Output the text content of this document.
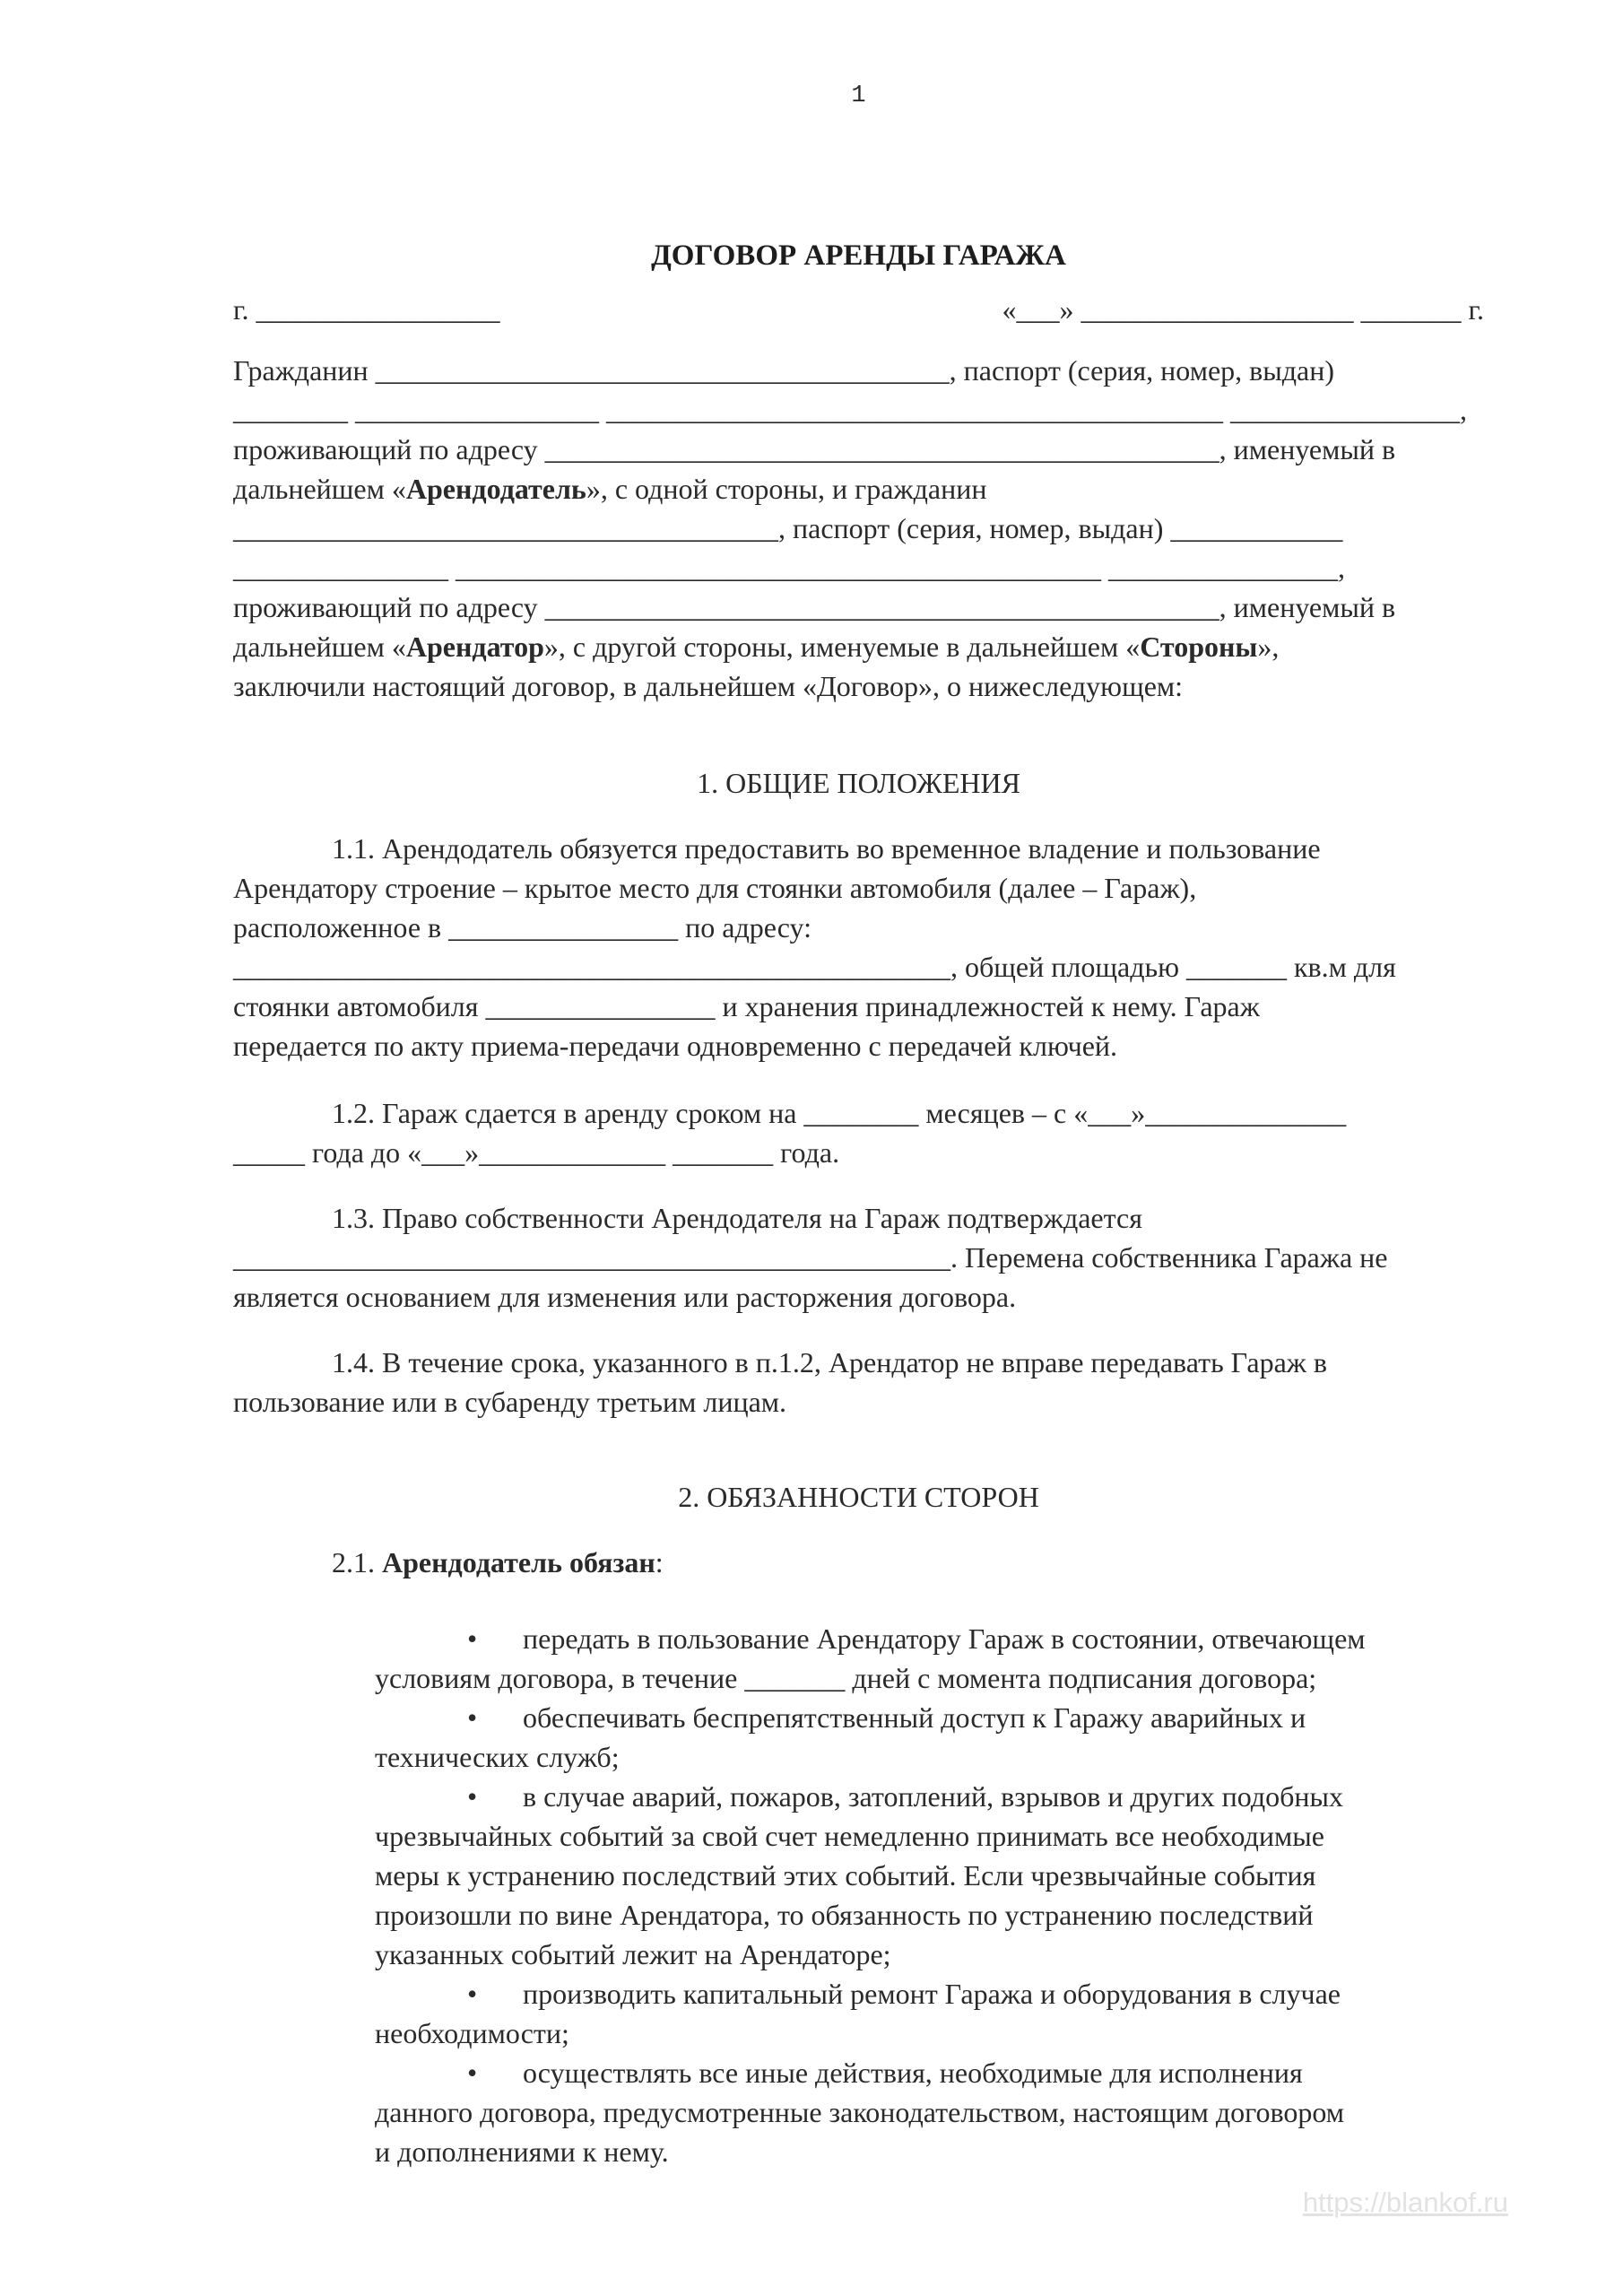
1
ДОГОВОР АРЕНДЫ ГАРАЖА
г. _________________	«___» ___________________ _______ г.
Гражданин ________________________________________, паспорт (серия, номер, выдан)
________ _________________ ___________________________________________ ________________,
проживающий по адресу _______________________________________________, именуемый в
дальнейшем «Арендодатель», с одной стороны, и гражданин
______________________________________, паспорт (серия, номер, выдан) ____________
_______________ _____________________________________________ ________________,
проживающий по адресу _______________________________________________, именуемый в
дальнейшем «Арендатор», с другой стороны, именуемые в дальнейшем «Стороны»,
заключили настоящий договор, в дальнейшем «Договор», о нижеследующем:
1. ОБЩИЕ ПОЛОЖЕНИЯ
1.1. Арендодатель обязуется предоставить во временное владение и пользование
Арендатору строение – крытое место для стоянки автомобиля (далее – Гараж),
расположенное в ________________ по адресу:
__________________________________________________, общей площадью _______ кв.м для
стоянки автомобиля ________________ и хранения принадлежностей к нему. Гараж
передается по акту приема-передачи одновременно с передачей ключей.
1.2. Гараж сдается в аренду сроком на ________ месяцев – с «___»______________
_____ года до «___»_____________ _______ года.
1.3. Право собственности Арендодателя на Гараж подтверждается
__________________________________________________. Перемена собственника Гаража не
является основанием для изменения или расторжения договора.
1.4. В течение срока, указанного в п.1.2, Арендатор не вправе передавать Гараж в
пользование или в субаренду третьим лицам.
2. ОБЯЗАННОСТИ СТОРОН
2.1. Арендодатель обязан:
• передать в пользование Арендатору Гараж в состоянии, отвечающем
условиям договора, в течение _______ дней с момента подписания договора;
• обеспечивать беспрепятственный доступ к Гаражу аварийных и
технических служб;
• в случае аварий, пожаров, затоплений, взрывов и других подобных
чрезвычайных событий за свой счет немедленно принимать все необходимые
меры к устранению последствий этих событий. Если чрезвычайные события
произошли по вине Арендатора, то обязанность по устранению последствий
указанных событий лежит на Арендаторе;
• производить капитальный ремонт Гаража и оборудования в случае
необходимости;
• осуществлять все иные действия, необходимые для исполнения
данного договора, предусмотренные законодательством, настоящим договором
и дополнениями к нему.
https://blankof.ru
